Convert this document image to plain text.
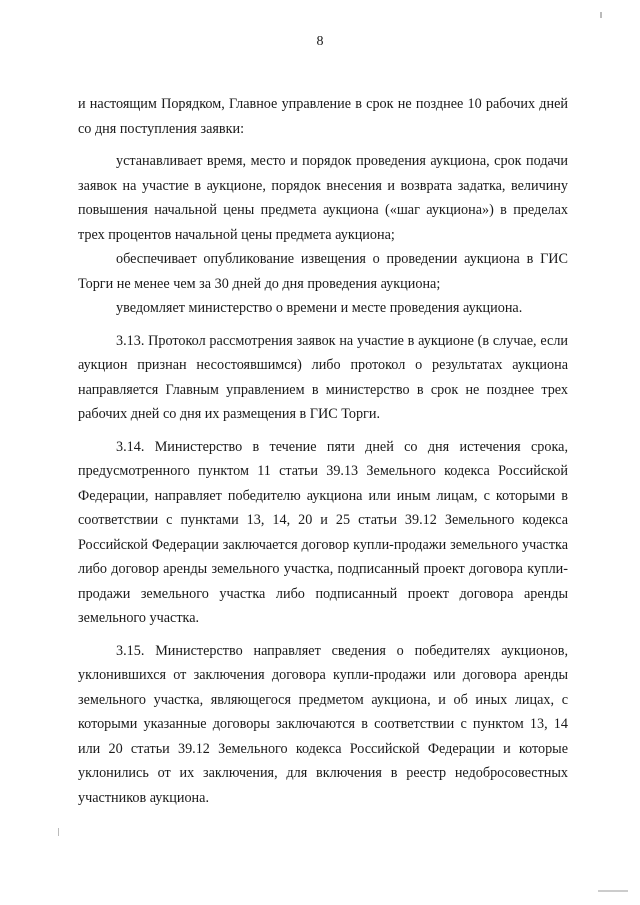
8

и настоящим Порядком, Главное управление в срок не позднее 10 рабочих дней со дня поступления заявки:

устанавливает время, место и порядок проведения аукциона, срок подачи заявок на участие в аукционе, порядок внесения и возврата задатка, величину повышения начальной цены предмета аукциона («шаг аукциона») в пределах трех процентов начальной цены предмета аукциона;

обеспечивает опубликование извещения о проведении аукциона в ГИС Торги не менее чем за 30 дней до дня проведения аукциона;

уведомляет министерство о времени и месте проведения аукциона.

3.13. Протокол рассмотрения заявок на участие в аукционе (в случае, если аукцион признан несостоявшимся) либо протокол о результатах аукциона направляется Главным управлением в министерство в срок не позднее трех рабочих дней со дня их размещения в ГИС Торги.

3.14. Министерство в течение пяти дней со дня истечения срока, предусмотренного пунктом 11 статьи 39.13 Земельного кодекса Российской Федерации, направляет победителю аукциона или иным лицам, с которыми в соответствии с пунктами 13, 14, 20 и 25 статьи 39.12 Земельного кодекса Российской Федерации заключается договор купли-продажи земельного участка либо договор аренды земельного участка, подписанный проект договора купли-продажи земельного участка либо подписанный проект договора аренды земельного участка.

3.15. Министерство направляет сведения о победителях аукционов, уклонившихся от заключения договора купли-продажи или договора аренды земельного участка, являющегося предметом аукциона, и об иных лицах, с которыми указанные договоры заключаются в соответствии с пунктом 13, 14 или 20 статьи 39.12 Земельного кодекса Российской Федерации и которые уклонились от их заключения, для включения в реестр недобросовестных участников аукциона.
